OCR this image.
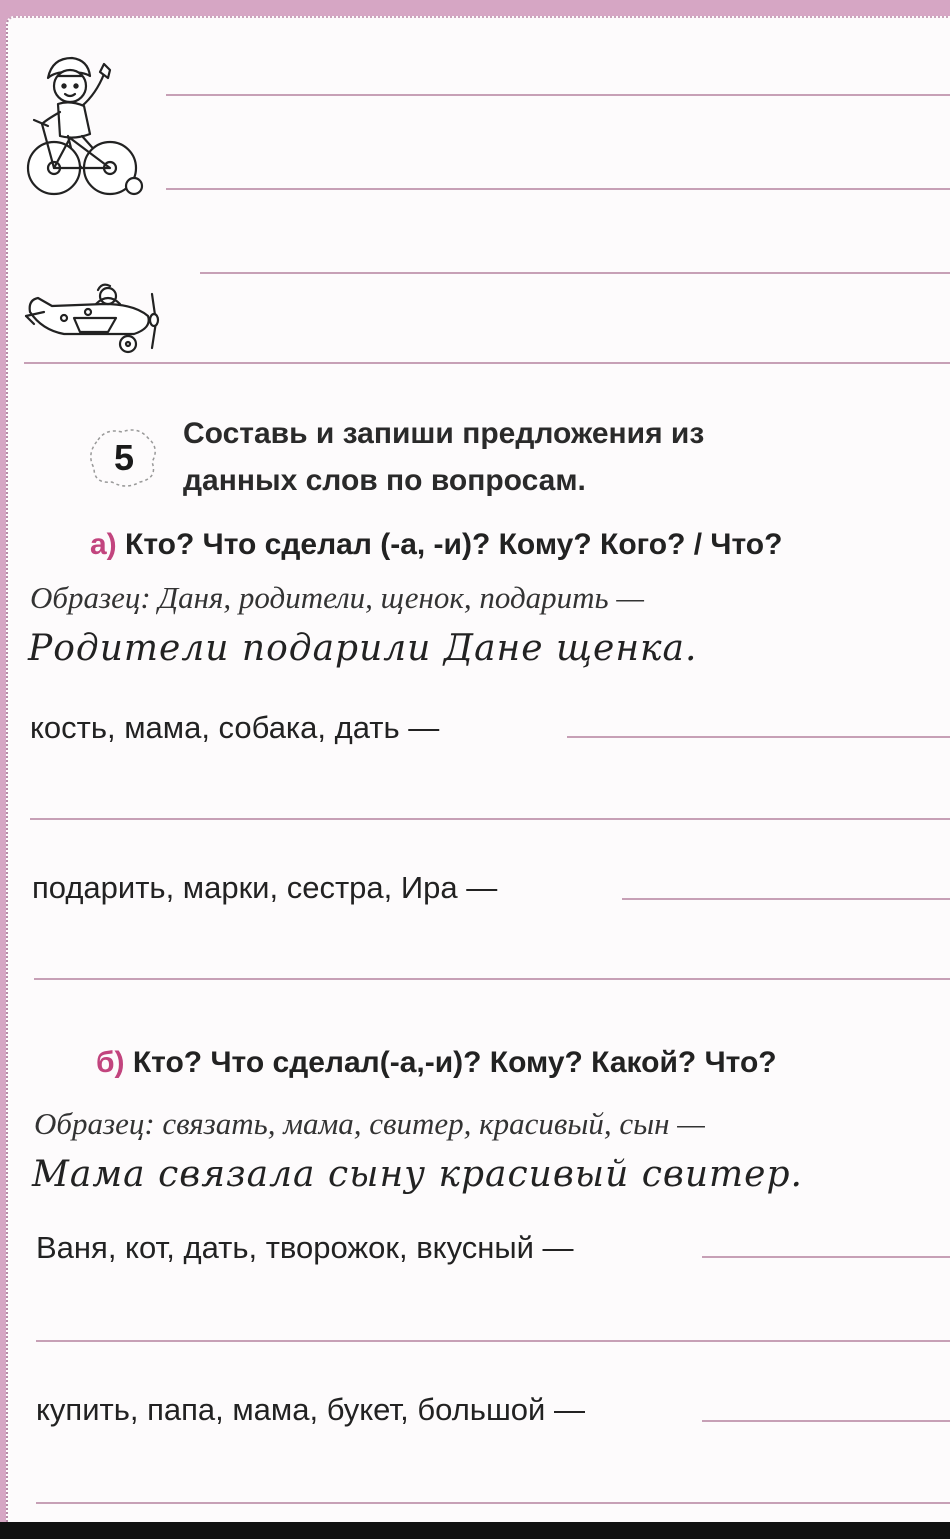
5
Составь и запиши предложения из
данных слов по вопросам.
а) Кто? Что сделал (-а, -и)? Кому? Кого? / Что?
Образец: Даня, родители, щенок, подарить —
Родители подарили Дане щенка.
кость, мама, собака, дать —
подарить, марки, сестра, Ира —
б) Кто? Что сделал(-а,-и)? Кому? Какой? Что?
Образец: связать, мама, свитер, красивый, сын —
Мама связала сыну красивый свитер.
Ваня, кот, дать, творожок, вкусный —
купить, папа, мама, букет, большой —
